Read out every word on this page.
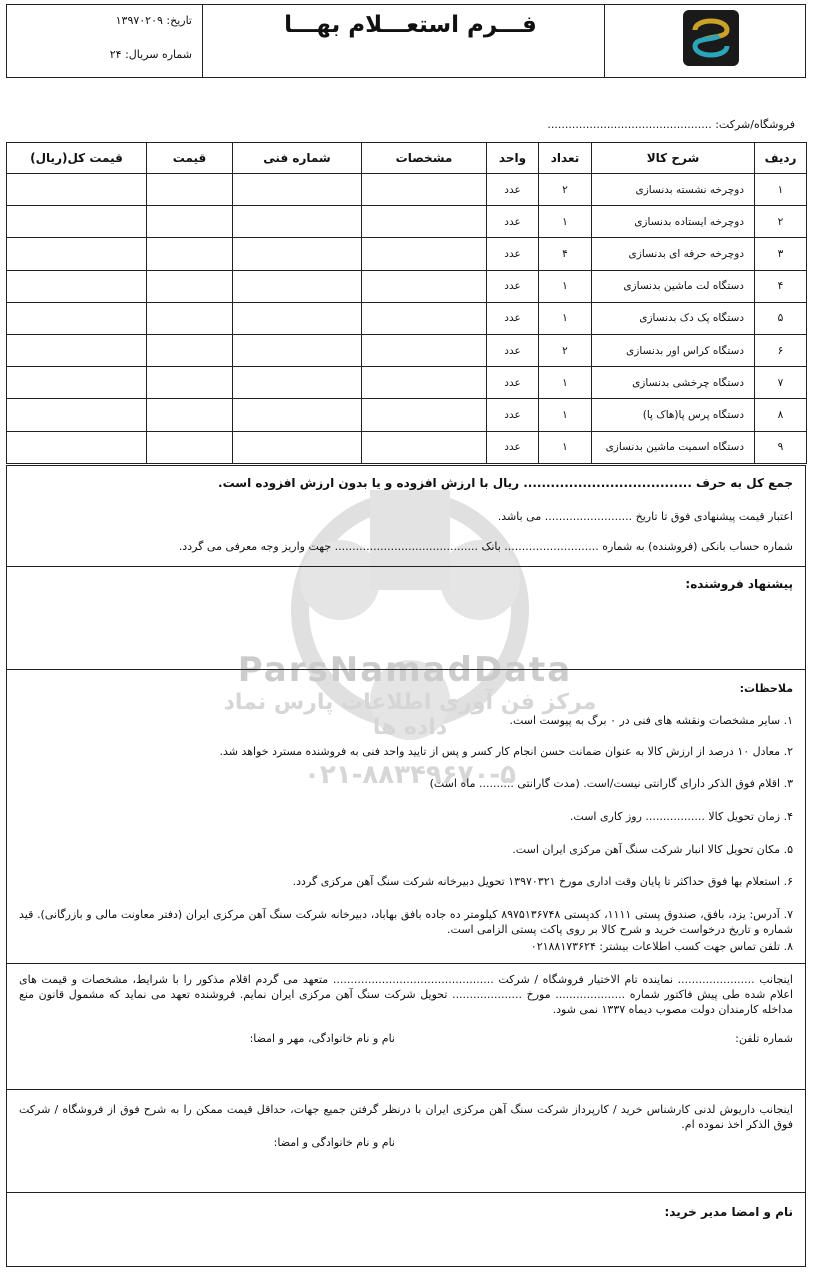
فـــرم استعـــلام بهـــا
تاریخ: ۱۳۹۷۰۲۰۹
شماره سریال: ۲۴
ParsNamadData
مرکز فن آوری اطلاعات پارس نماد داده ها
۰۲۱-۸۸۳۴۹۶۷۰-۵
فروشگاه/شرکت: ...............................................
ردیف	شرح کالا	تعداد	واحد	مشخصات	شماره فنی	قیمت	قیمت کل(ریال)
۱	دوچرخه نشسته بدنسازی	۲	عدد				
۲	دوچرخه ایستاده بدنسازی	۱	عدد				
۳	دوچرخه حرفه ای بدنسازی	۴	عدد				
۴	دستگاه لت ماشین بدنسازی	۱	عدد				
۵	دستگاه پک دک بدنسازی	۱	عدد				
۶	دستگاه کراس اور بدنسازی	۲	عدد				
۷	دستگاه چرخشی بدنسازی	۱	عدد				
۸	دستگاه پرس پا(هاک پا)	۱	عدد				
۹	دستگاه اسمیت ماشین بدنسازی	۱	عدد				
جمع کل به حرف ..................................... ریال با ارزش افزوده و یا بدون ارزش افزوده است.
اعتبار قیمت پیشنهادی فوق تا تاریخ ......................... می باشد.
شماره حساب بانکی (فروشنده) به شماره ........................... بانک ......................................... جهت واریز وجه معرفی می گردد.
پیشنهاد فروشنده:
ملاحظات:
۱. سایر مشخصات ونقشه های فنی در ۰ برگ به پیوست است.
۲. معادل ۱۰ درصد از ارزش کالا به عنوان ضمانت حسن انجام کار کسر و پس از تایید واحد فنی به فروشنده مسترد خواهد شد.
۳. اقلام فوق الذکر دارای گارانتی نیست/است. (مدت گارانتی .......... ماه است)
۴. زمان تحویل کالا ................. روز کاری است.
۵. مکان تحویل کالا انبار شرکت سنگ آهن مرکزی ایران است.
۶. استعلام بها فوق حداکثر تا پایان وقت اداری مورخ ۱۳۹۷۰۳۲۱ تحویل دبیرخانه شرکت سنگ آهن مرکزی گردد.
۷. آدرس: یزد، بافق، صندوق پستی ۱۱۱۱، کدپستی ۸۹۷۵۱۳۶۷۴۸ کیلومتر ده جاده بافق بهاباد، دبیرخانه شرکت سنگ آهن مرکزی ایران (دفتر معاونت مالی و بازرگانی). قید شماره و تاریخ درخواست خرید و شرح کالا بر روی پاکت پستی الزامی است.
۸. تلفن تماس جهت کسب اطلاعات بیشتر: ۰۲۱۸۸۱۷۳۶۲۴
اینجانب ...................... نماینده تام الاختیار فروشگاه / شرکت .............................................. متعهد می گردم اقلام مذکور را با شرایط، مشخصات و قیمت های اعلام شده طی پیش فاکتور شماره .................... مورخ .................... تحویل شرکت سنگ آهن مرکزی ایران نمایم. فروشنده تعهد می نماید که مشمول قانون منع مداخله کارمندان دولت مصوب دیماه ۱۳۳۷ نمی شود.
شماره تلفن:
نام و نام خانوادگی، مهر و امضا:
اینجانب داریوش لدنی کارشناس خرید / کارپرداز شرکت سنگ آهن مرکزی ایران با درنظر گرفتن جمیع جهات، حداقل قیمت ممکن را به شرح فوق از فروشگاه / شرکت فوق الذکر اخذ نموده ام.
نام و نام خانوادگی و امضا:
نام و امضا مدیر خرید:
